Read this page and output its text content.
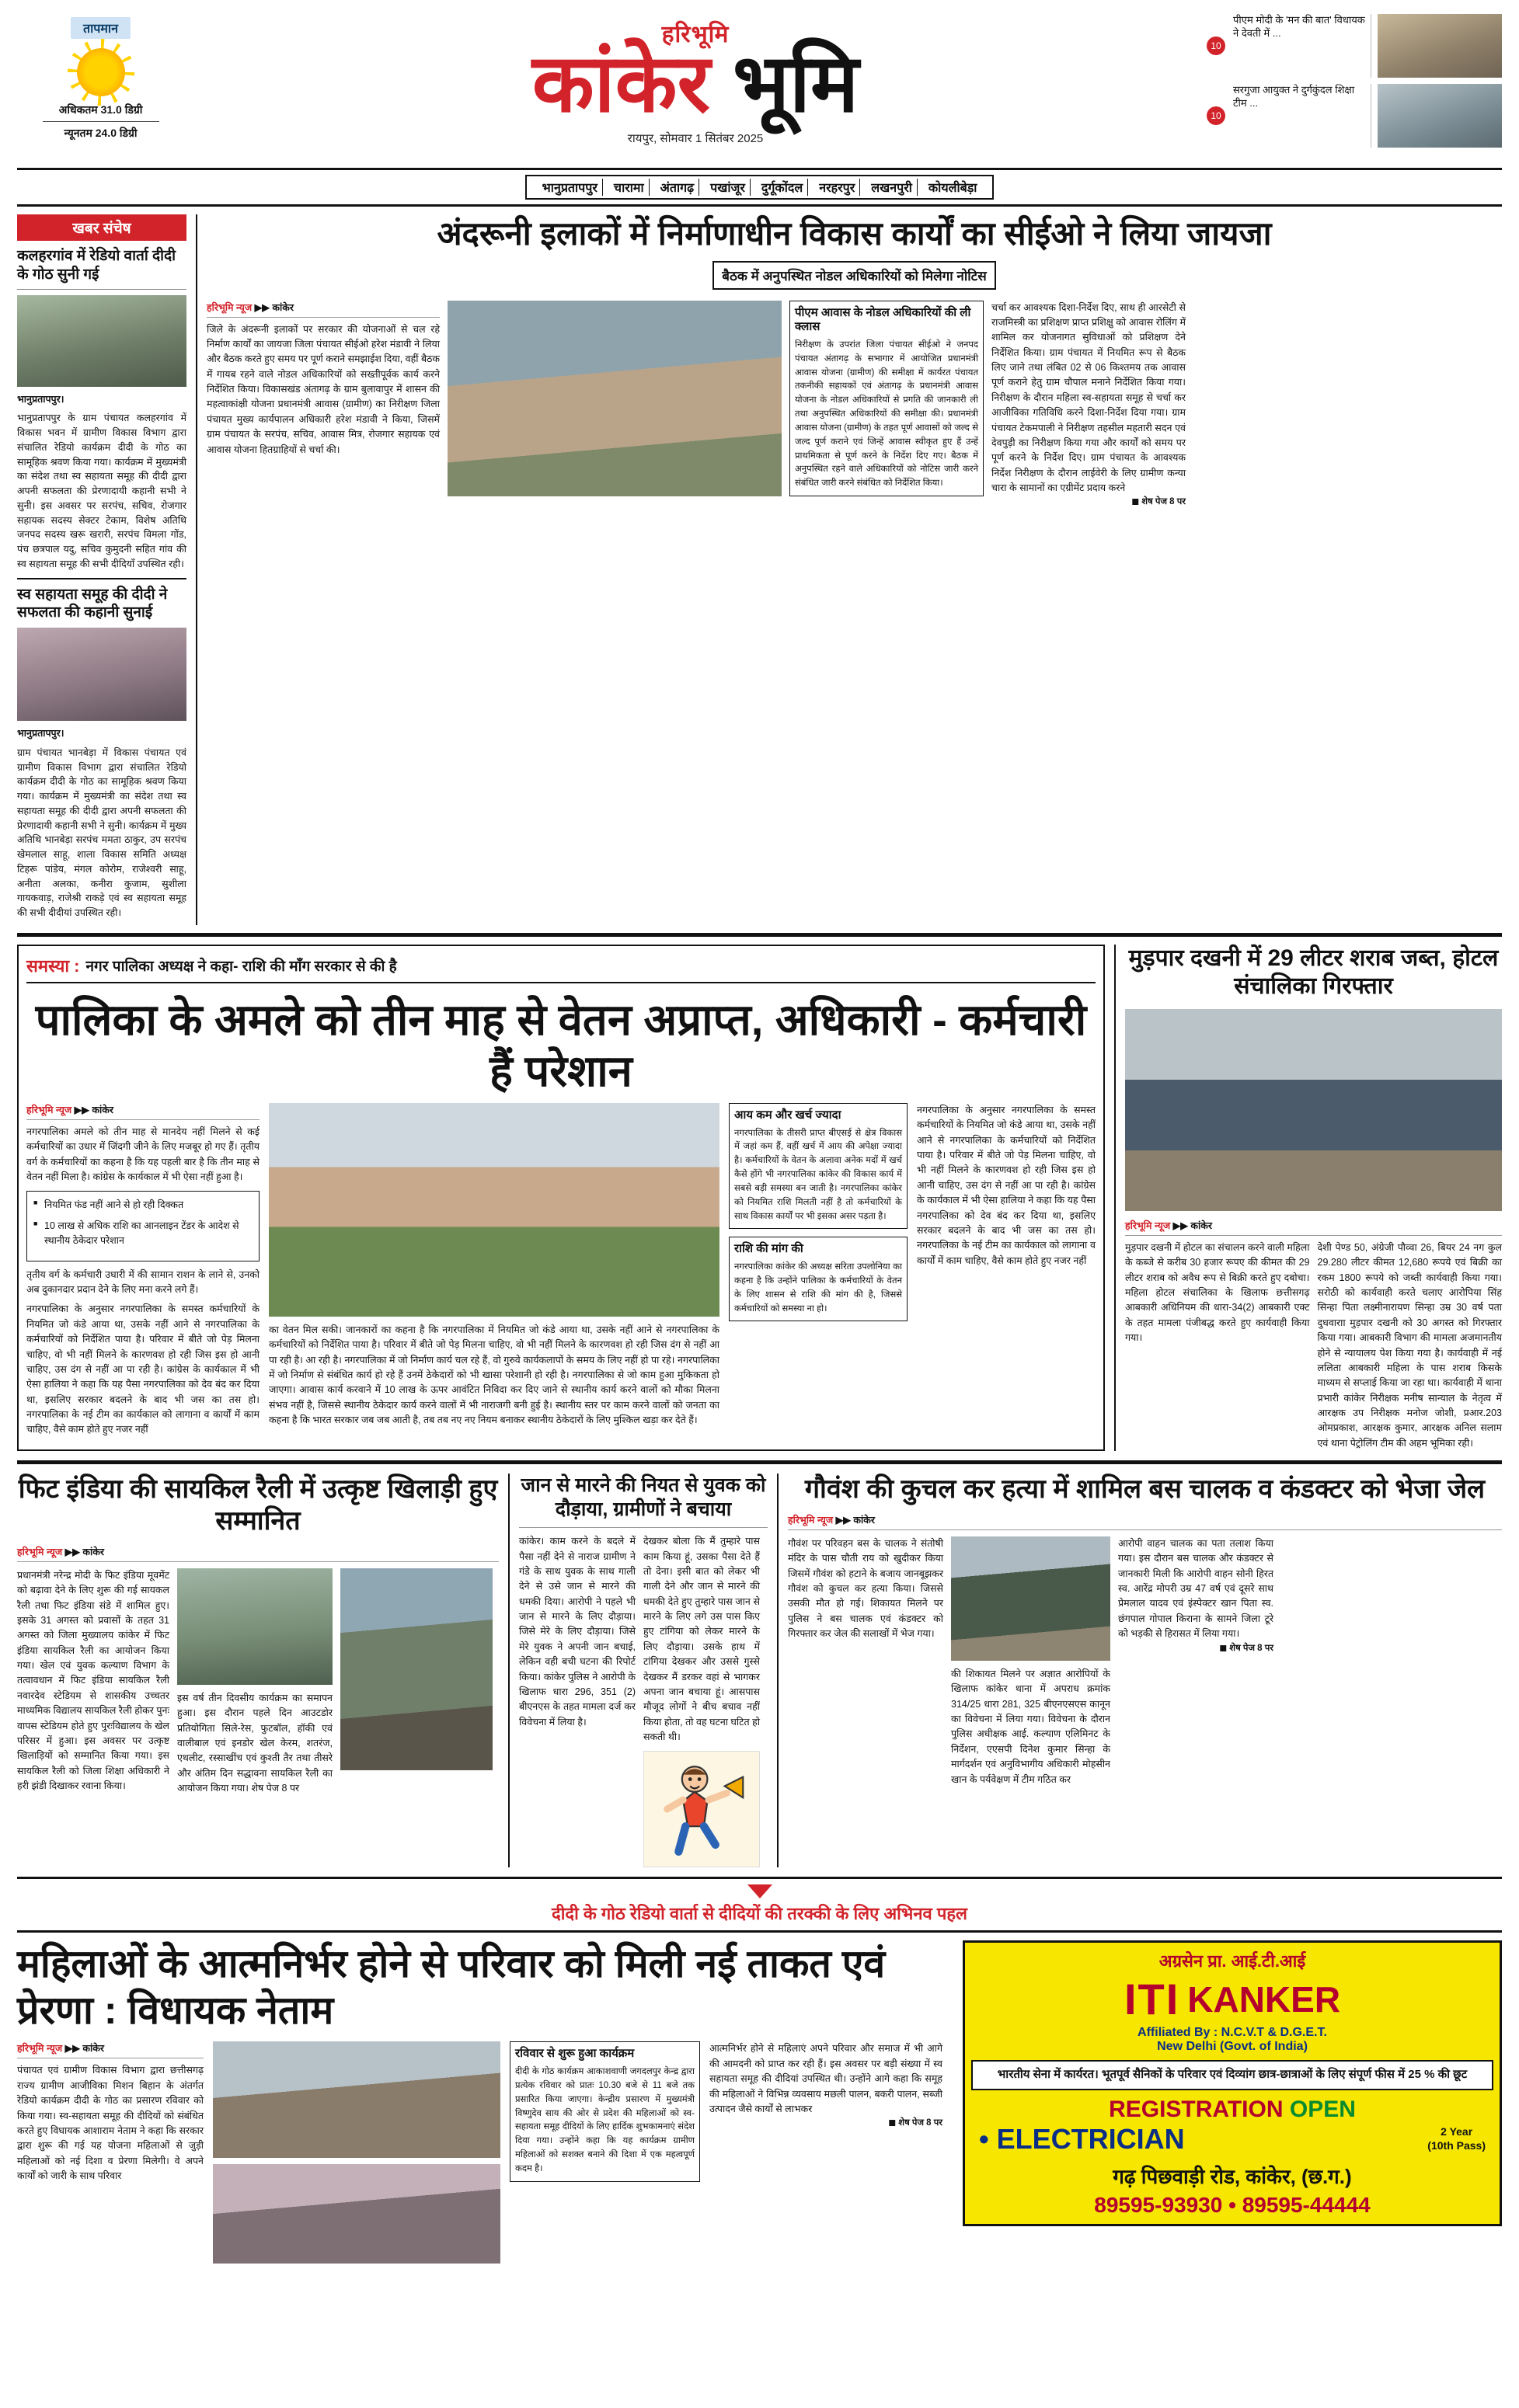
तापमान
अधिकतम 31.0 डिग्री
न्यूनतम 24.0 डिग्री
हरिभूमि
कांकेर भूमि
रायपुर, सोमवार 1 सितंबर 2025
10
पीएम मोदी के 'मन की बात' विधायक ने देवती में ...
10
सरगुजा आयुक्त ने दुर्गकुंदल शिक्षा टीम ...
भानुप्रतापपुर	चारामा	अंतागढ़	पखांजूर	दुर्गूकोंदल	नरहरपुर	लखनपुरी	कोयलीबेड़ा
खबर संचेष
कलहरगांव में रेडियो वार्ता दीदी के गोठ सुनी गई

भानुप्रतापपुर।

भानुप्रतापपुर के ग्राम पंचायत कलहरगांव में विकास भवन में ग्रामीण विकास विभाग द्वारा संचालित रेडियो कार्यक्रम दीदी के गोठ का सामूहिक श्रवण किया गया। कार्यक्रम में मुख्यमंत्री का संदेश तथा स्व सहायता समूह की दीदी द्वारा अपनी सफलता की प्रेरणादायी कहानी सभी ने सुनी। इस अवसर पर सरपंच, सचिव, रोजगार सहायक सदस्य सेक्टर टेकाम, विशेष अतिथि जनपद सदस्य खरू खरारी, सरपंच विमला गोंड, पंच छत्रपाल यदु, सचिव कुमुदनी सहित गांव की स्व सहायता समूह की सभी दीदियाँ उपस्थित रही।

स्व सहायता समूह की दीदी ने सफलता की कहानी सुनाई

भानुप्रतापपुर।

ग्राम पंचायत भानबेड़ा में विकास पंचायत एवं ग्रामीण विकास विभाग द्वारा संचालित रेडियो कार्यक्रम दीदी के गोठ का सामूहिक श्रवण किया गया। कार्यक्रम में मुख्यमंत्री का संदेश तथा स्व सहायता समूह की दीदी द्वारा अपनी सफलता की प्रेरणादायी कहानी सभी ने सुनी। कार्यक्रम में मुख्य अतिथि भानबेड़ा सरपंच ममता ठाकुर, उप सरपंच खेमलाल साहू, शाला विकास समिति अध्यक्ष टिहरू पांडेय, मंगल कोरोम, राजेश्वरी साहू, अनीता अलका, कनीरा कुजाम, सुशीला गायकवाड़, राजेश्री राकड़े एवं स्व सहायता समूह की सभी दीदीयां उपस्थित रही।

अंदरूनी इलाकों में निर्माणाधीन विकास कार्यों का सीईओ ने लिया जायजा
बैठक में अनुपस्थित नोडल अधिकारियों को मिलेगा नोटिस
हरिभूमि न्यूज ▶▶ कांकेर
जिले के अंदरूनी इलाकों पर सरकार की योजनाओं से चल रहे निर्माण कार्यों का जायजा जिला पंचायत सीईओ हरेश मंडावी ने लिया और बैठक करते हुए समय पर पूर्ण कराने समझाईश दिया, वहीं बैठक में गायब रहने वाले नोडल अधिकारियों को सख्तीपूर्वक कार्य करने निर्देशित किया। विकासखंड अंतागढ़ के ग्राम बुलावापुर में शासन की महत्वाकांक्षी योजना प्रधानमंत्री आवास (ग्रामीण) का निरीक्षण जिला पंचायत मुख्य कार्यपालन अधिकारी हरेश मंडावी ने किया, जिसमें ग्राम पंचायत के सरपंच, सचिव, आवास मित्र, रोजगार सहायक एवं आवास योजना हितग्राहियों से चर्चा की।
पीएम आवास के नोडल अधिकारियों की ली क्लास
निरीक्षण के उपरांत जिला पंचायत सीईओ ने जनपद पंचायत अंतागढ़ के सभागार में आयोजित प्रधानमंत्री आवास योजना (ग्रामीण) की समीक्षा में कार्यरत पंचायत तकनीकी सहायकों एवं अंतागढ़ के प्रधानमंत्री आवास योजना के नोडल अधिकारियों से प्रगति की जानकारी ली तथा अनुपस्थित अधिकारियों की समीक्षा की। प्रधानमंत्री आवास योजना (ग्रामीण) के तहत पूर्ण आवासों को जल्द से जल्द पूर्ण कराने एवं जिन्हें आवास स्वीकृत हुए हैं उन्हें प्राथमिकता से पूर्ण करने के निर्देश दिए गए। बैठक में अनुपस्थित रहने वाले अधिकारियों को नोटिस जारी करने संबंधित जारी करने संबंधित को निर्देशित किया।
चर्चा कर आवश्यक दिशा-निर्देश दिए, साथ ही आरसेटी से राजमिस्त्री का प्रशिक्षण प्राप्त प्रशिक्षु को आवास रोलिंग में शामिल कर योजनागत सुविधाओं को प्रशिक्षण देने निर्देशित किया। ग्राम पंचायत में नियमित रूप से बैठक लिए जाने तथा लंबित 02 से 06 किश्तमय तक आवास पूर्ण कराने हेतु ग्राम चौपाल मनाने निर्देशित किया गया। निरीक्षण के दौरान महिला स्व-सहायता समूह से चर्चा कर आजीविका गतिविधि करने दिशा-निर्देश दिया गया। ग्राम पंचायत टेकमपाली ने निरीक्षण तहसील महतारी सदन एवं देवपुड़ी का निरीक्षण किया गया और कार्यों को समय पर पूर्ण करने के निर्देश दिए। ग्राम पंचायत के आवश्यक निर्देश निरीक्षण के दौरान लाईवेरी के लिए ग्रामीण कन्या चारा के सामानों का एग्रीमेंट प्रदाय करने
◼ शेष पेज 8 पर
समस्या : नगर पालिका अध्यक्ष ने कहा- राशि की माँग सरकार से की है
पालिका के अमले को तीन माह से वेतन अप्राप्त, अधिकारी - कर्मचारी हैं परेशान
हरिभूमि न्यूज ▶▶ कांकेर
नगरपालिका अमले को तीन माह से मानदेय नहीं मिलने से कई कर्मचारियों का उधार में जिंदगी जीने के लिए मजबूर हो गए हैं। तृतीय वर्ग के कर्मचारियों का कहना है कि यह पहली बार है कि तीन माह से वेतन नहीं मिला है। कांग्रेस के कार्यकाल में भी ऐसा नहीं हुआ है।
■ नियमित फंड नहीं आने से हो रही दिक्कत
■ 10 लाख से अधिक राशि का आनलाइन टेंडर के आदेश से स्थानीय ठेकेदार परेशान
तृतीय वर्ग के कर्मचारी उधारी में की सामान राशन के लाने से, उनको अब दुकानदार प्रदान देने के लिए मना करने लगे हैं।
नगरपालिका के अनुसार नगरपालिका के समस्त कर्मचारियों के नियमित जो कंडे आया था, उसके नहीं आने से नगरपालिका के कर्मचारियों को निर्देशित पाया है। परिवार में बीते जो पेड़ मिलना चाहिए, वो भी नहीं मिलने के कारणवश हो रही जिस इस हो आनी चाहिए, उस दंग से नहीं आ पा रही है। कांग्रेस के कार्यकाल में भी ऐसा हालिया ने कहा कि यह पैसा नगरपालिका को देव बंद कर दिया था, इसलिए सरकार बदलने के बाद भी जस का तस हो। नगरपालिका के नई टीम का कार्यकाल को लागाना व कार्यों में काम चाहिए, वैसे काम होते हुए नजर नहीं
का वेतन मिल सकी। जानकारों का कहना है कि नगरपालिका में नियमित जो कंडे आया था, उसके नहीं आने से नगरपालिका के कर्मचारियों को निर्देशित पाया है। परिवार में बीते जो पेड़ मिलना चाहिए, वो भी नहीं मिलने के कारणवश हो रही जिस दंग से नहीं आ पा रही है। आ रही है। नगरपालिका में जो निर्माण कार्य चल रहे हैं, वो गुरुवे कार्यकलापों के समय के लिए नहीं हो पा रहे। नगरपालिका में जो निर्माण से संबंधित कार्य हो रहे हैं उनमें ठेकेदारों को भी खासा परेशानी हो रही है। नगरपालिका से जो काम हुआ मुकिकता हो जाएगा। आवास कार्य करवाने में 10 लाख के ऊपर आवंटित निविदा कर दिए जाने से स्थानीय कार्य करने वालों को मौका मिलना संभव नहीं है, जिससे स्थानीय ठेकेदार कार्य करने वालों में भी नाराजगी बनी हुई है। स्थानीय स्तर पर काम करने वालों को जनता का कहना है कि भारत सरकार जब जब आती है, तब तब नए नए नियम बनाकर स्थानीय ठेकेदारों के लिए मुश्किल खड़ा कर देते हैं।
आय कम और खर्च ज्यादा
नगरपालिका के तीसरी प्राप्त बीएसई से क्षेत्र विकास में जहां कम हैं, वहीं खर्च में आय की अपेक्षा ज्यादा है। कर्मचारियों के वेतन के अलावा अनेक मदों में खर्च कैसे होंगे भी नगरपालिका कांकेर की विकास कार्य में सबसे बड़ी समस्या बन जाती है। नगरपालिका कांकेर को नियमित राशि मिलती नहीं है तो कर्मचारियों के साथ विकास कार्यों पर भी इसका असर पड़ता है।
राशि की मांग की
नगरपालिका कांकेर की अध्यक्ष सरिता उपलोनिया का कहना है कि उन्होंने पालिका के कर्मचारियों के वेतन के लिए शासन से राशि की मांग की है, जिससे कर्मचारियों को समस्या ना हो।
नगरपालिका के अनुसार नगरपालिका के समस्त कर्मचारियों के नियमित जो कंडे आया था, उसके नहीं आने से नगरपालिका के कर्मचारियों को निर्देशित पाया है। परिवार में बीते जो पेड़ मिलना चाहिए, वो भी नहीं मिलने के कारणवश हो रही जिस इस हो आनी चाहिए, उस दंग से नहीं आ पा रही है। कांग्रेस के कार्यकाल में भी ऐसा हालिया ने कहा कि यह पैसा नगरपालिका को देव बंद कर दिया था, इसलिए सरकार बदलने के बाद भी जस का तस हो। नगरपालिका के नई टीम का कार्यकाल को लागाना व कार्यों में काम चाहिए, वैसे काम होते हुए नजर नहीं
मुड़पार दखनी में 29 लीटर शराब जब्त, होटल संचालिका गिरफ्तार
हरिभूमि न्यूज ▶▶ कांकेर
मुड़पार दखनी में होटल का संचालन करने वाली महिला के कब्जे से करीब 30 हजार रूपए की कीमत की 29 लीटर शराब को अवैध रूप से बिक्री करते हुए दबोचा। महिला होटल संचालिका के खिलाफ छत्तीसगढ़ आबकारी अधिनियम की धारा-34(2) आबकारी एक्ट के तहत मामला पंजीबद्ध करते हुए कार्यवाही किया गया।
देशी पेण्ड 50, अंग्रेजी पौव्वा 26, बियर 24 नग कुल 29.280 लीटर कीमत 12,680 रूपये एवं बिक्री का रकम 1800 रूपये को जब्ती कार्यवाही किया गया। सरोठी को कार्यवाही करते चलाए आरोपिया सिंह सिन्हा पिता लक्ष्मीनारायण सिन्हा उम्र 30 वर्ष पता दुधवाराा मुड़पार दखनी को 30 अगस्त को गिरफ्तार किया गया। आबकारी विभाग की मामला अजमानतीय होने से न्यायालय पेश किया गया है। कार्यवाही में नई ललिता आबकारी महिला के पास शराब किसके माध्यम से सप्लाई किया जा रहा था। कार्यवाही में थाना प्रभारी कांकेर निरीक्षक मनीष सान्याल के नेतृत्व में आरक्षक उप निरीक्षक मनोज जोशी, प्रआर.203 ओमप्रकाश, आरक्षक कुमार, आरक्षक अनिल सलाम एवं थाना पेट्रोलिंग टीम की अहम भूमिका रही।
फिट इंडिया की सायकिल रैली में उत्कृष्ट खिलाड़ी हुए सम्मानित
हरिभूमि न्यूज ▶▶ कांकेर
प्रधानमंत्री नरेन्द्र मोदी के फिट इंडिया मूवमेंट को बढ़ावा देने के लिए शुरू की गई सायकल रैली तथा फिट इंडिया संडे में शामिल हुए। इसके 31 अगस्त को प्रवासों के तहत 31 अगस्त को जिला मुख्यालय कांकेर में फिट इंडिया सायकिल रैली का आयोजन किया गया। खेल एवं युवक कल्याण विभाग के तत्वावधान में फिट इंडिया सायकिल रैली नवारदेव स्टेडियम से शासकीय उच्चतर माध्यमिक विद्यालय सायकिल रैली होकर पुनः वापस स्टेडियम होते हुए पुरःविद्यालय के खेल परिसर में हुआ। इस अवसर पर उत्कृष्ट खिलाड़ियों को सम्मानित किया गया। इस सायकिल रैली को जिला शिक्षा अधिकारी ने हरी झंडी दिखाकर रवाना किया।
इस वर्ष तीन दिवसीय कार्यक्रम का समापन हुआ। इस दौरान पहले दिन आउटडोर प्रतियोगिता सिले-रेस, फुटबॉल, हॉकी एवं वालीबाल एवं इनडोर खेल केरम, शतरंज, एथलीट, रस्साखींच एवं कुश्ती तैर तथा तीसरे और अंतिम दिन सद्धावना सायकिल रैली का आयोजन किया गया। शेष पेज 8 पर
जान से मारने की नियत से युवक को दौड़ाया, ग्रामीणों ने बचाया
कांकेर। काम करने के बदले में पैसा नहीं देने से नाराज ग्रामीण ने गंडेे के साथ युवक के साथ गाली देने से उसे जान से मारने की धमकी दिया। आरोपी ने पहले भी जान से मारने के लिए दौड़ाया। जिसे मेरे के लिए दौड़ाया। जिसे मेरे युवक ने अपनी जान बचाई, लेकिन वही बची घटना की रिपोर्ट किया। कांकेर पुलिस ने आरोपी के खिलाफ धारा 296, 351 (2) बीएनएस के तहत मामला दर्ज कर विवेचना में लिया है।
देखकर बोला कि मैं तुम्हारे पास काम किया हूं, उसका पैसा देते हैं तो देना। इसी बात को लेकर भी गाली देने और जान से मारने की धमकी देते हुए तुम्हारे पास जान से मारने के लिए लगे उस पास किए हुए टांगिया को लेकर मारने के लिए दौड़ाया। उसके हाथ में टांगिया देखकर और उससे गुस्से देखकर मैं डरकर वहां से भागकर अपना जान बचाया हूं। आसपास मौजूद लोगों ने बीच बचाव नहीं किया होता, तो वह घटना घटित हो सकती थी।
गौवंश की कुचल कर हत्या में शामिल बस चालक व कंडक्टर को भेजा जेल
हरिभूमि न्यूज ▶▶ कांकेर
गौवंश पर परिवहन बस के चालक ने संतोषी मंदिर के पास चौती राय को खुदीकर किया जिसमें गौवंश को हटाने के बजाय जानबूझकर गौवंश को कुचल कर हत्या किया। जिससे उसकी मौत हो गई। शिकायत मिलने पर पुलिस ने बस चालक एवं कंडक्टर को गिरफ्तार कर जेल की सलाखों में भेज गया।
की शिकायत मिलने पर अज्ञात आरोपियों के खिलाफ कांकेर थाना में अपराध क्रमांक 314/25 धारा 281, 325 बीएनएसएस कानून का विवेचना में लिया गया। विवेचना के दौरान पुलिस अधीक्षक आई. कल्याण एलिमिनट के निर्देशन, एएसपी दिनेश कुमार सिन्हा के मार्गदर्शन एवं अनुविभागीय अधिकारी मोहसीन खान के पर्यवेक्षण में टीम गठित कर
आरोपी वाहन चालक का पता तलाश किया गया। इस दौरान बस चालक और कंडक्टर से जानकारी मिली कि आरोपी वाहन सोनी हिरत स्व. आरेंद्र मोपरी उम्र 47 वर्ष एवं दूसरे साथ प्रेमलाल यादव एवं इंस्पेक्टर खान पिता स्व. छंगपाल गोपाल किराना के सामने जिला टूरे को भड़की से हिरासत में लिया गया।
◼ शेष पेज 8 पर
दीदी के गोठ रेडियो वार्ता से दीदियों की तरक्की के लिए अभिनव पहल
महिलाओं के आत्मनिर्भर होने से परिवार को मिली नई ताकत एवं प्रेरणा : विधायक नेताम
हरिभूमि न्यूज ▶▶ कांकेर
पंचायत एवं ग्रामीण विकास विभाग द्वारा छत्तीसगढ़ राज्य ग्रामीण आजीविका मिशन बिहान के अंतर्गत रेडियो कार्यक्रम दीदी के गोठ का प्रसारण रविवार को किया गया। स्व-सहायता समूह की दीदियों को संबंधित करते हुए विधायक आशाराम नेताम ने कहा कि सरकार द्वारा शुरू की गई यह योजना महिलाओं से जुड़ी महिलाओं को नई दिशा व प्रेरणा मिलेगी। वे अपने कार्यों को जारी के साथ परिवार
रविवार से शुरू हुआ कार्यक्रम
दीदी के गोठ कार्यक्रम आकाशवाणी जगदलपुर केन्द्र द्वारा प्रत्येक रविवार को प्रातः 10.30 बजे से 11 बजे तक प्रसारित किया जाएगा। केन्द्रीय प्रसारण में मुख्यमंत्री विष्णुदेव साय की ओर से प्रदेश की महिलाओं को स्व-सहायता समूह दीदियों के लिए हार्दिक शुभकामनाएं संदेश दिया गया। उन्होंने कहा कि यह कार्यक्रम ग्रामीण महिलाओं को सशक्त बनाने की दिशा में एक महत्वपूर्ण कदम है।
आत्मनिर्भर होने से महिलाएं अपने परिवार और समाज में भी आगे की आमदनी को प्राप्त कर रही हैं। इस अवसर पर बड़ी संख्या में स्व सहायता समूह की दीदियां उपस्थित थी। उन्होंने आगे कहा कि समूह की महिलाओं ने विभिन्न व्यवसाय मछली पालन, बकरी पालन, सब्जी उत्पादन जैसे कार्यों से लाभकर
◼ शेष पेज 8 पर
अग्रसेन प्रा. आई.टी.आई
ITI KANKER
Affiliated By : N.C.V.T & D.G.E.T.
New Delhi (Govt. of India)
भारतीय सेना में कार्यरत। भूतपूर्व सैनिकों के परिवार एवं दिव्यांग छात्र-छात्राओं के लिए संपूर्ण फीस में 25 % की छूट
REGISTRATION OPEN
• ELECTRICIAN	2 Year
(10th Pass)
गढ़ पिछवाड़ी रोड, कांकेर, (छ.ग.)
89595-93930 • 89595-44444
